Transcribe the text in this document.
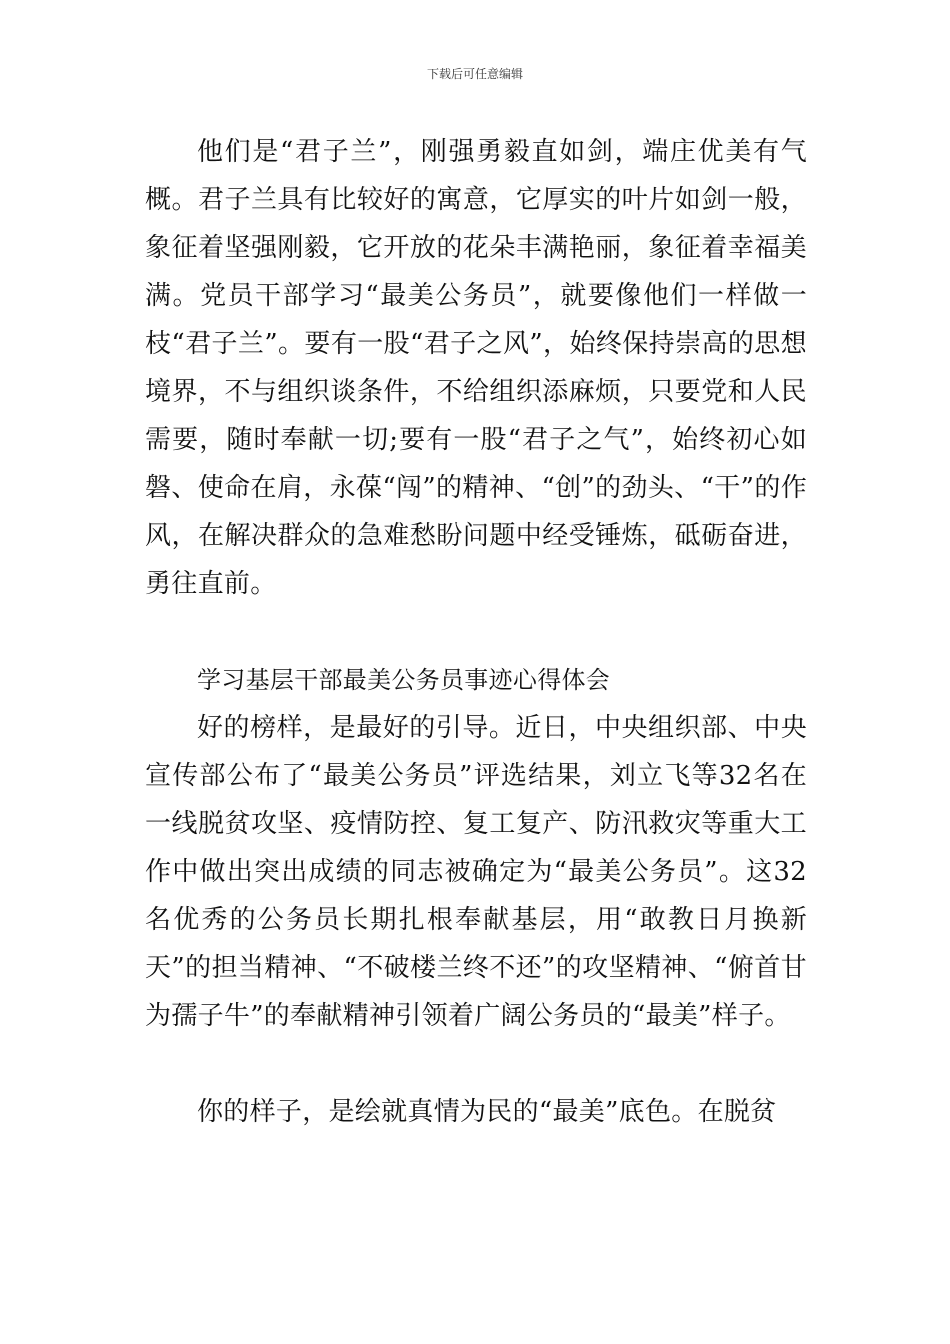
下载后可任意编辑

他们是“君子兰”，刚强勇毅直如剑，端庄优美有气概。君子兰具有比较好的寓意，它厚实的叶片如剑一般，象征着坚强刚毅，它开放的花朵丰满艳丽，象征着幸福美满。党员干部学习“最美公务员”，就要像他们一样做一枝“君子兰”。要有一股“君子之风”，始终保持崇高的思想境界，不与组织谈条件，不给组织添麻烦，只要党和人民需要，随时奉献一切;要有一股“君子之气”，始终初心如磐、使命在肩，永葆“闯”的精神、“创”的劲头、“干”的作风，在解决群众的急难愁盼问题中经受锤炼，砥砺奋进，勇往直前。

学习基层干部最美公务员事迹心得体会

好的榜样，是最好的引导。近日，中央组织部、中央宣传部公布了“最美公务员”评选结果，刘立飞等32名在一线脱贫攻坚、疫情防控、复工复产、防汛救灾等重大工作中做出突出成绩的同志被确定为“最美公务员”。这32名优秀的公务员长期扎根奉献基层，用“敢教日月换新天”的担当精神、“不破楼兰终不还”的攻坚精神、“俯首甘为孺子牛”的奉献精神引领着广阔公务员的“最美”样子。

你的样子，是绘就真情为民的“最美”底色。在脱贫
